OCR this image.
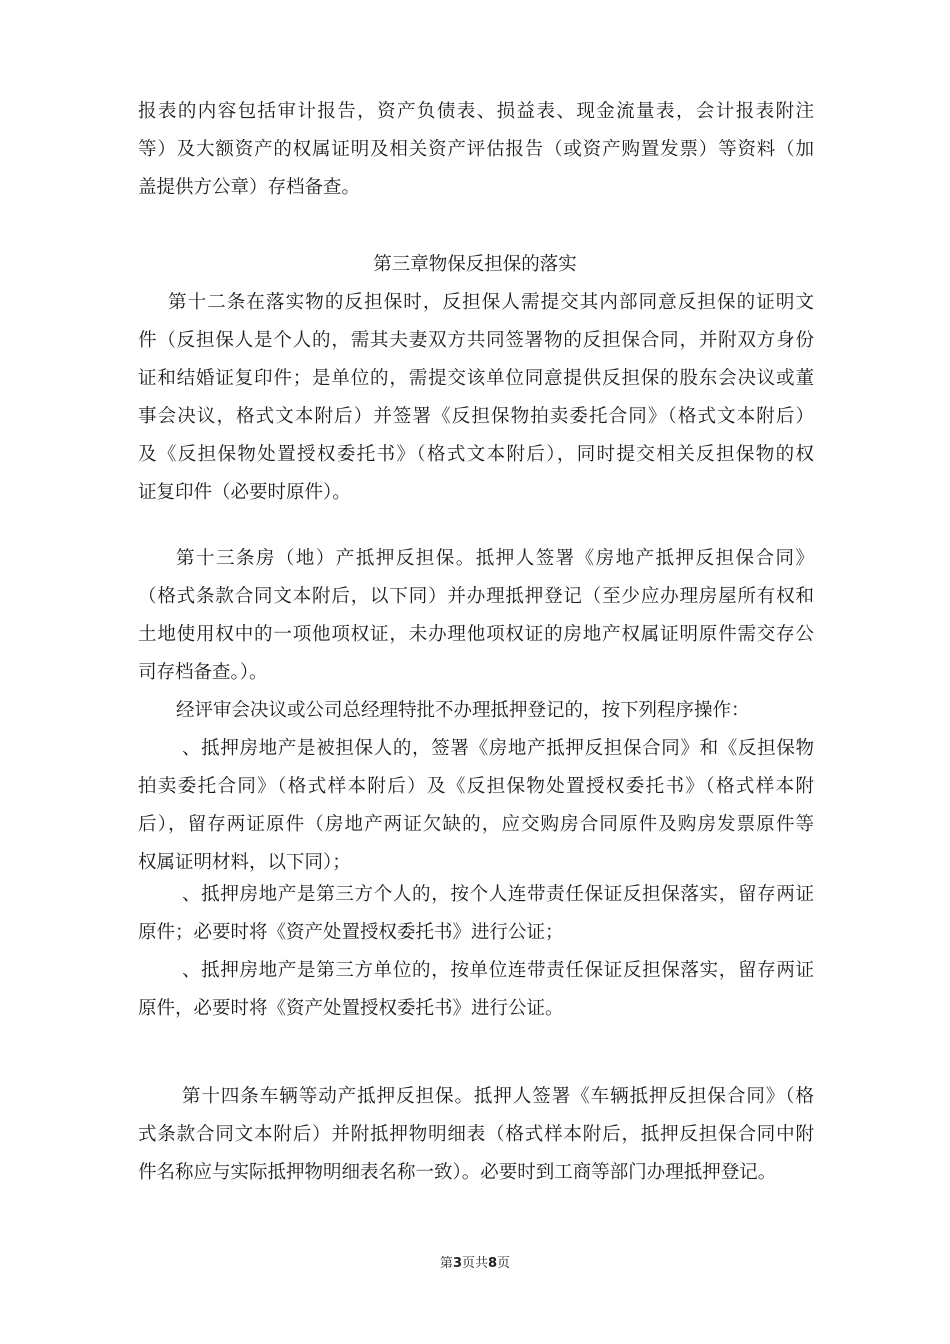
报表的内容包括审计报告，资产负债表、损益表、现金流量表，会计报表附注
等）及大额资产的权属证明及相关资产评估报告（或资产购置发票）等资料（加
盖提供方公章）存档备查。
第三章物保反担保的落实
第十二条在落实物的反担保时，反担保人需提交其内部同意反担保的证明文
件（反担保人是个人的，需其夫妻双方共同签署物的反担保合同，并附双方身份
证和结婚证复印件；是单位的，需提交该单位同意提供反担保的股东会决议或董
事会决议，格式文本附后）并签署《反担保物拍卖委托合同》（格式文本附后）
及《反担保物处置授权委托书》（格式文本附后），同时提交相关反担保物的权
证复印件（必要时原件）。
第十三条房（地）产抵押反担保。抵押人签署《房地产抵押反担保合同》
（格式条款合同文本附后，以下同）并办理抵押登记（至少应办理房屋所有权和
土地使用权中的一项他项权证，未办理他项权证的房地产权属证明原件需交存公
司存档备查。）。
经评审会决议或公司总经理特批不办理抵押登记的，按下列程序操作：
、抵押房地产是被担保人的，签署《房地产抵押反担保合同》和《反担保物
拍卖委托合同》（格式样本附后）及《反担保物处置授权委托书》（格式样本附
后），留存两证原件（房地产两证欠缺的，应交购房合同原件及购房发票原件等
权属证明材料，以下同）；
、抵押房地产是第三方个人的，按个人连带责任保证反担保落实，留存两证
原件；必要时将《资产处置授权委托书》进行公证；
、抵押房地产是第三方单位的，按单位连带责任保证反担保落实，留存两证
原件，必要时将《资产处置授权委托书》进行公证。
第十四条车辆等动产抵押反担保。抵押人签署《车辆抵押反担保合同》（格
式条款合同文本附后）并附抵押物明细表（格式样本附后，抵押反担保合同中附
件名称应与实际抵押物明细表名称一致）。必要时到工商等部门办理抵押登记。
第3页共8页
